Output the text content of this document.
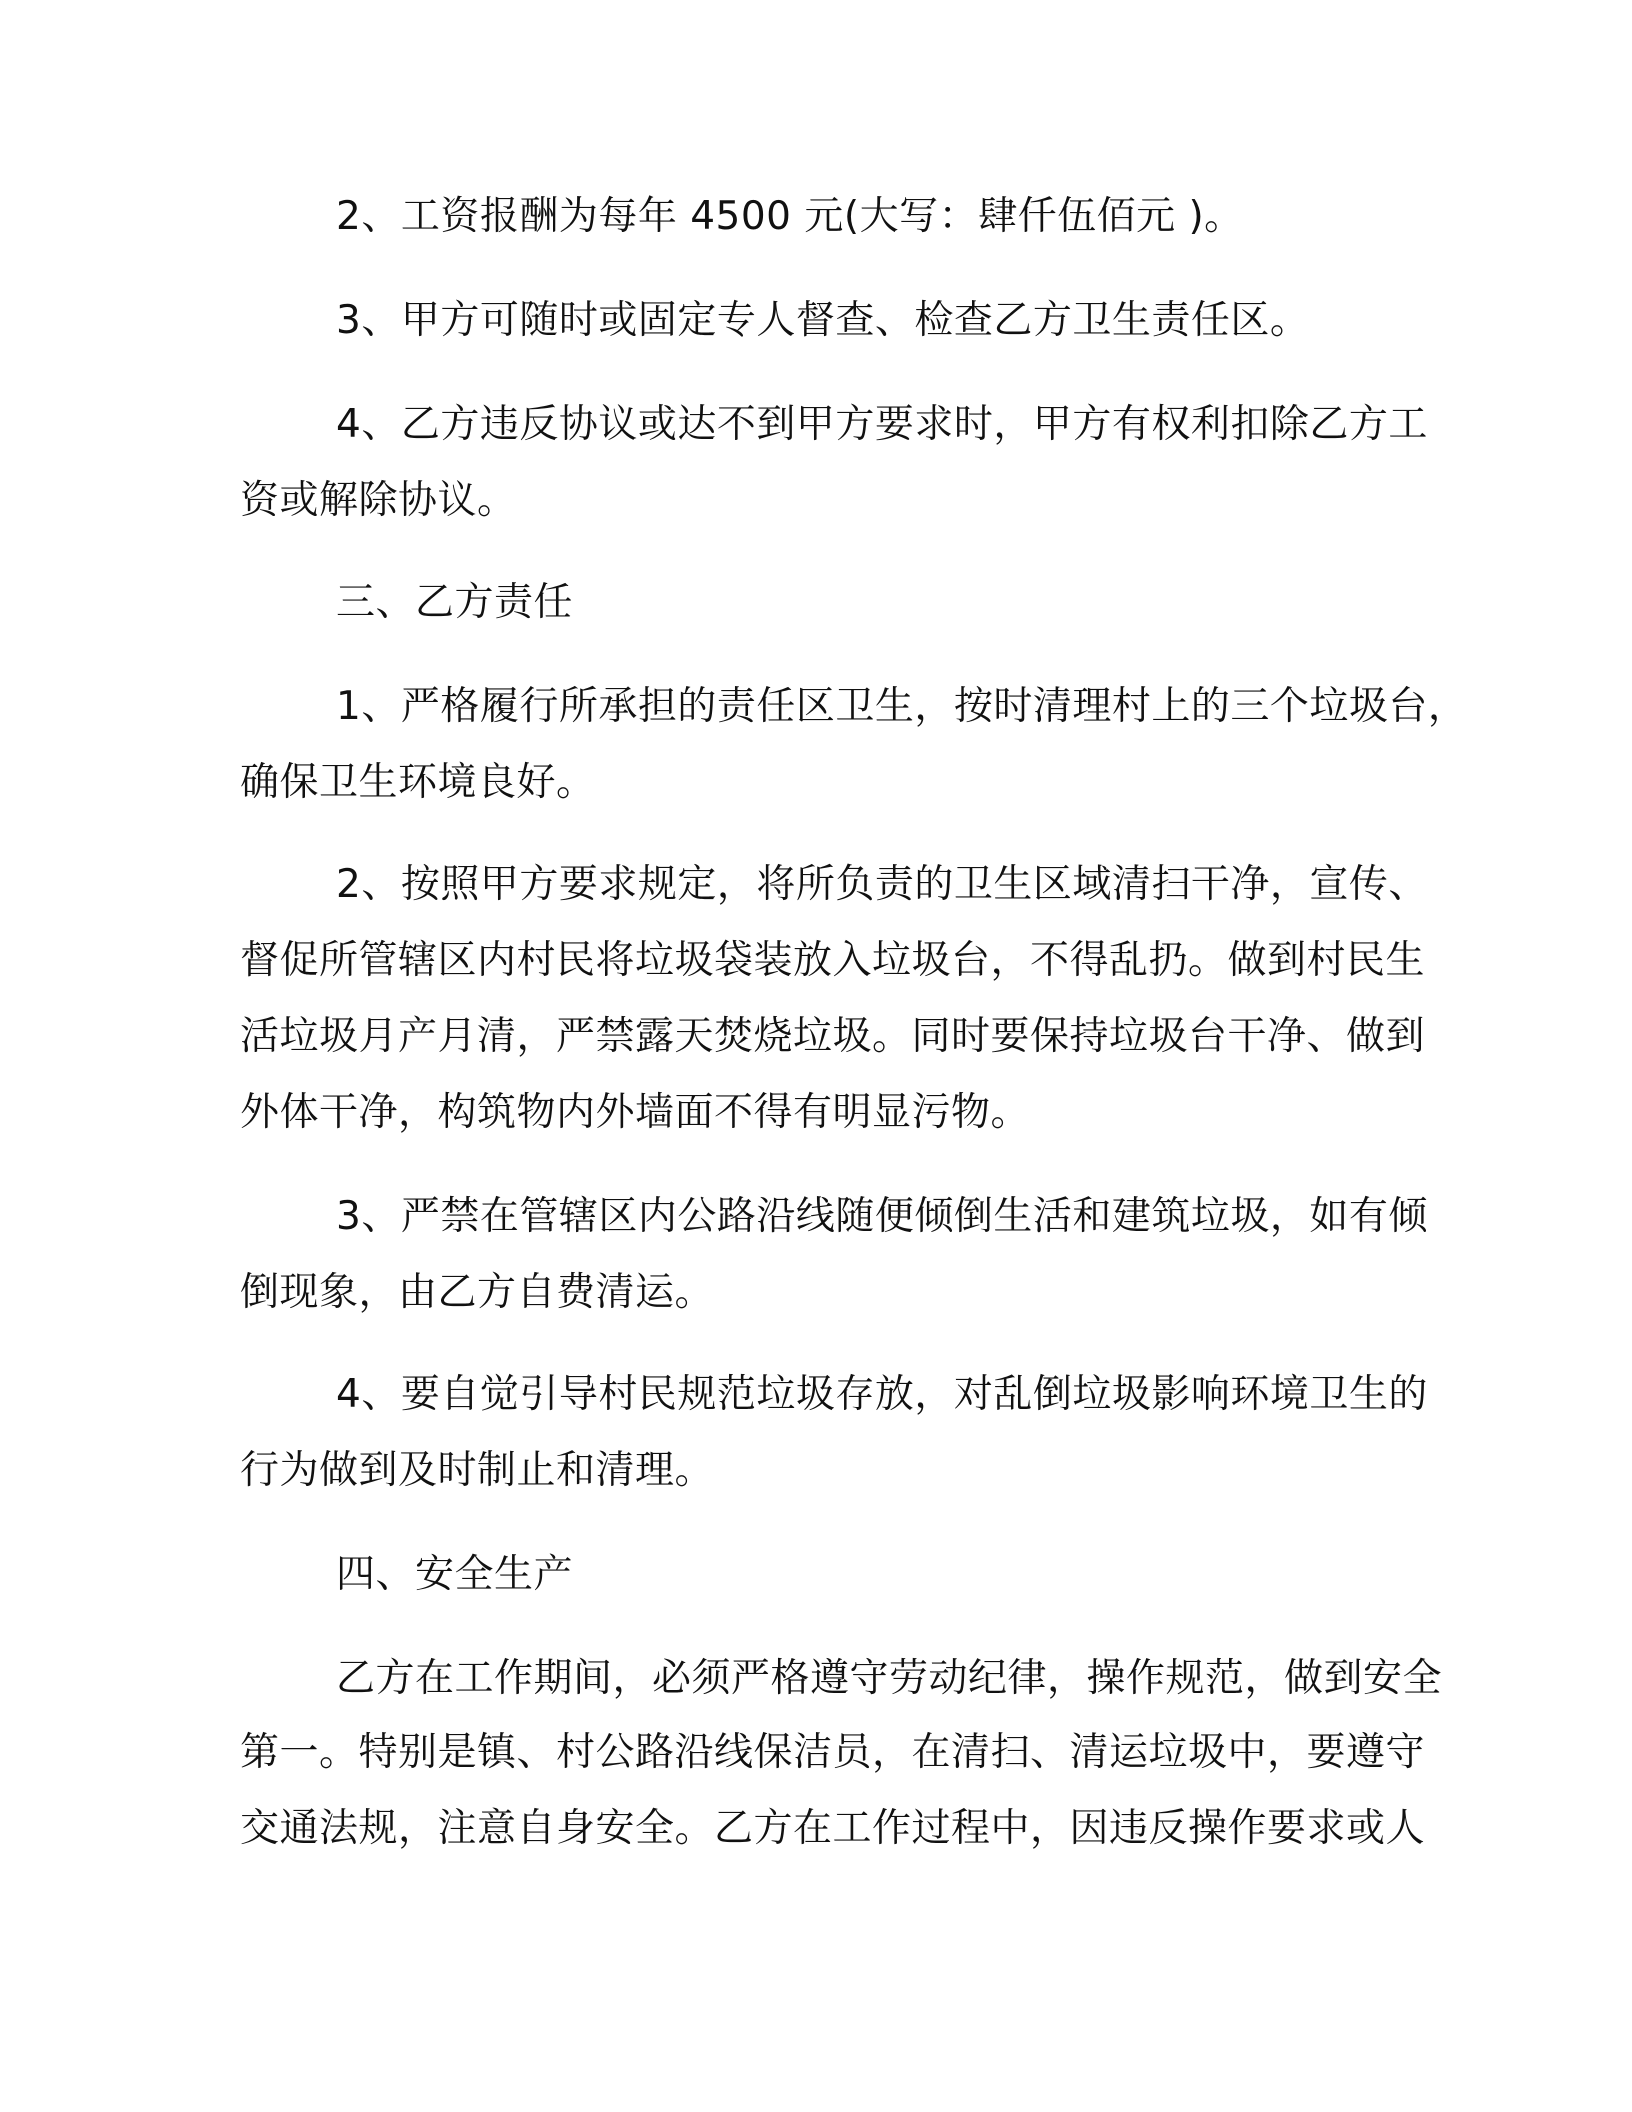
2、工资报酬为每年 4500 元(大写：肆仟伍佰元 )。
3、甲方可随时或固定专人督查、检查乙方卫生责任区。
4、乙方违反协议或达不到甲方要求时，甲方有权利扣除乙方工
资或解除协议。
三、乙方责任
1、严格履行所承担的责任区卫生，按时清理村上的三个垃圾台，
确保卫生环境良好。
2、按照甲方要求规定，将所负责的卫生区域清扫干净，宣传、
督促所管辖区内村民将垃圾袋装放入垃圾台，不得乱扔。做到村民生
活垃圾月产月清，严禁露天焚烧垃圾。同时要保持垃圾台干净、做到
外体干净，构筑物内外墙面不得有明显污物。
3、严禁在管辖区内公路沿线随便倾倒生活和建筑垃圾，如有倾
倒现象，由乙方自费清运。
4、要自觉引导村民规范垃圾存放，对乱倒垃圾影响环境卫生的
行为做到及时制止和清理。
四、安全生产
乙方在工作期间，必须严格遵守劳动纪律，操作规范，做到安全
第一。特别是镇、村公路沿线保洁员，在清扫、清运垃圾中，要遵守
交通法规，注意自身安全。乙方在工作过程中，因违反操作要求或人
